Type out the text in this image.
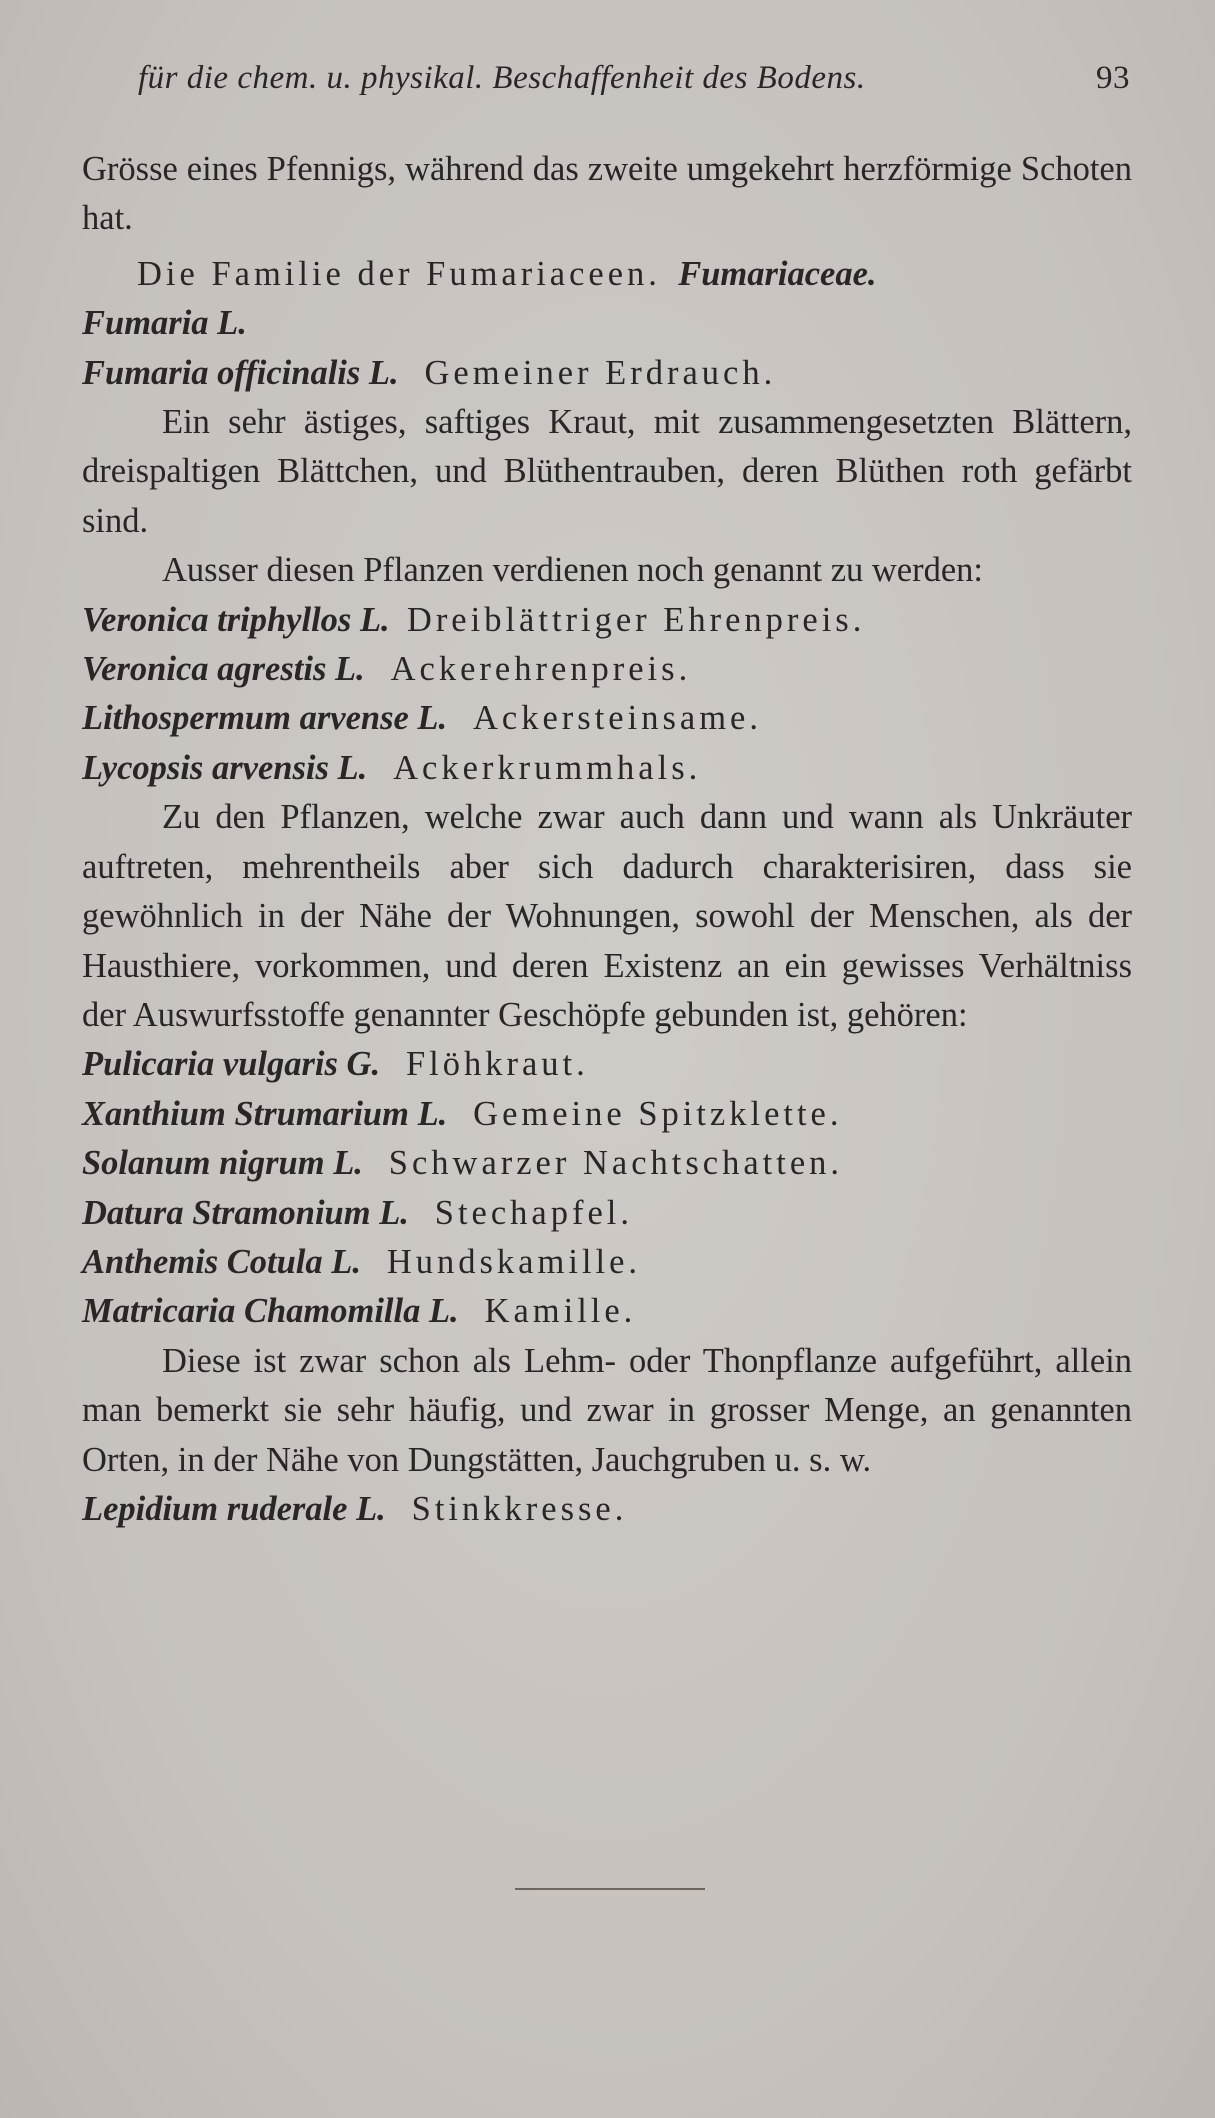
für die chem. u. physikal. Beschaffenheit des Bodens.	93

Grösse eines Pfennigs, während das zweite umgekehrt herzförmige Schoten hat.

Die Familie der Fumariaceen. Fumariaceae.

Fumaria L.

Fumaria officinalis L. Gemeiner Erdrauch.

Ein sehr ästiges, saftiges Kraut, mit zusammengesetzten Blättern, dreispaltigen Blättchen, und Blüthentrauben, deren Blüthen roth gefärbt sind.

Ausser diesen Pflanzen verdienen noch genannt zu werden:

Veronica triphyllos L. Dreiblättriger Ehrenpreis.

Veronica agrestis L. Ackerehrenpreis.

Lithospermum arvense L. Ackersteinsame.

Lycopsis arvensis L. Ackerkrummhals.

Zu den Pflanzen, welche zwar auch dann und wann als Unkräuter auftreten, mehrentheils aber sich dadurch charakterisiren, dass sie gewöhnlich in der Nähe der Wohnungen, sowohl der Menschen, als der Hausthiere, vorkommen, und deren Existenz an ein gewisses Verhältniss der Auswurfsstoffe genannter Geschöpfe gebunden ist, gehören:

Pulicaria vulgaris G. Flöhkraut.

Xanthium Strumarium L. Gemeine Spitzklette.

Solanum nigrum L. Schwarzer Nachtschatten.

Datura Stramonium L. Stechapfel.

Anthemis Cotula L. Hundskamille.

Matricaria Chamomilla L. Kamille.

Diese ist zwar schon als Lehm- oder Thonpflanze aufgeführt, allein man bemerkt sie sehr häufig, und zwar in grosser Menge, an genannten Orten, in der Nähe von Dungstätten, Jauchgruben u. s. w.

Lepidium ruderale L. Stinkkresse.
